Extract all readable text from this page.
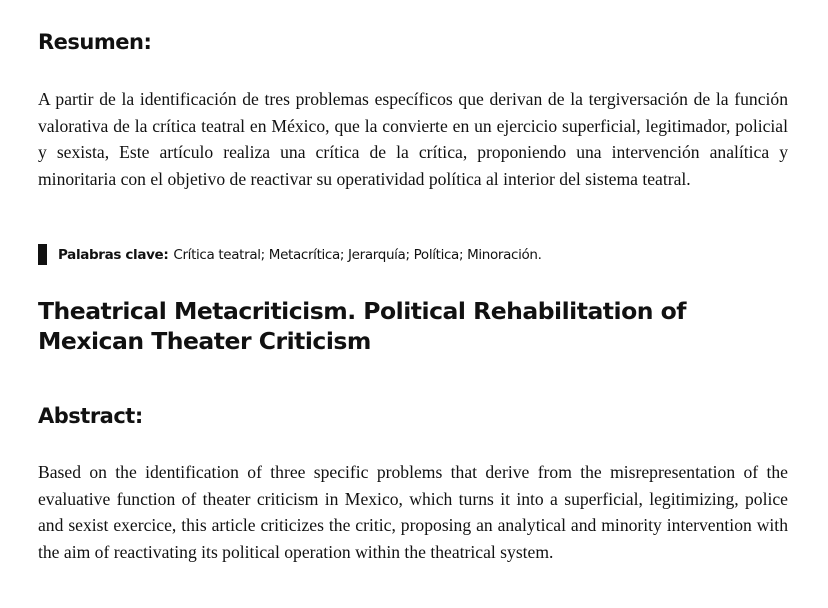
Resumen:

A partir de la identificación de tres problemas específicos que derivan de la tergiversación de la función valorativa de la crítica teatral en México, que la convierte en un ejercicio superficial, legitimador, policial y sexista, Este artículo realiza una crítica de la crítica, proponiendo una intervención analítica y minoritaria con el objetivo de reactivar su operatividad política al interior del sistema teatral.

Palabras clave: Crítica teatral; Metacrítica; Jerarquía; Política; Minoración.
Theatrical Metacriticism. Political Rehabilitation of Mexican Theater Criticism
Abstract:

Based on the identification of three specific problems that derive from the misrepresentation of the evaluative function of theater criticism in Mexico, which turns it into a superficial, legitimizing, police and sexist exercice, this article criticizes the critic, proposing an analytical and minority intervention with the aim of reactivating its political operation within the theatrical system.
